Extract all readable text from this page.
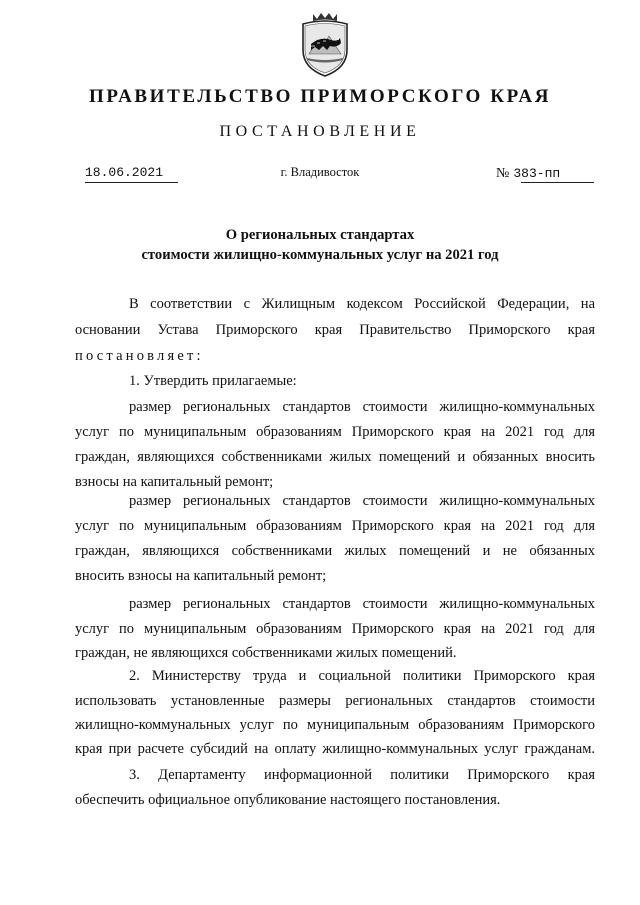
ПРАВИТЕЛЬСТВО ПРИМОРСКОГО КРАЯ
ПОСТАНОВЛЕНИЕ
18.06.2021	г. Владивосток	№ 383-пп
О региональных стандартах
стоимости жилищно-коммунальных услуг на 2021 год
В соответствии с Жилищным кодексом Российской Федерации, на
основании Устава Приморского края Правительство Приморского края
постановляет:
1. Утвердить прилагаемые:
размер региональных стандартов стоимости жилищно-коммунальных
услуг по муниципальным образованиям Приморского края на 2021 год для
граждан, являющихся собственниками жилых помещений и обязанных вносить
взносы на капитальный ремонт;
размер региональных стандартов стоимости жилищно-коммунальных
услуг по муниципальным образованиям Приморского края на 2021 год для
граждан, являющихся собственниками жилых помещений и не обязанных
вносить взносы на капитальный ремонт;
размер региональных стандартов стоимости жилищно-коммунальных
услуг по муниципальным образованиям Приморского края на 2021 год для
граждан, не являющихся собственниками жилых помещений.
2. Министерству труда и социальной политики Приморского края
использовать установленные размеры региональных стандартов стоимости
жилищно-коммунальных услуг по муниципальным образованиям Приморского
края при расчете субсидий на оплату жилищно-коммунальных услуг гражданам.
3. Департаменту информационной политики Приморского края
обеспечить официальное опубликование настоящего постановления.
